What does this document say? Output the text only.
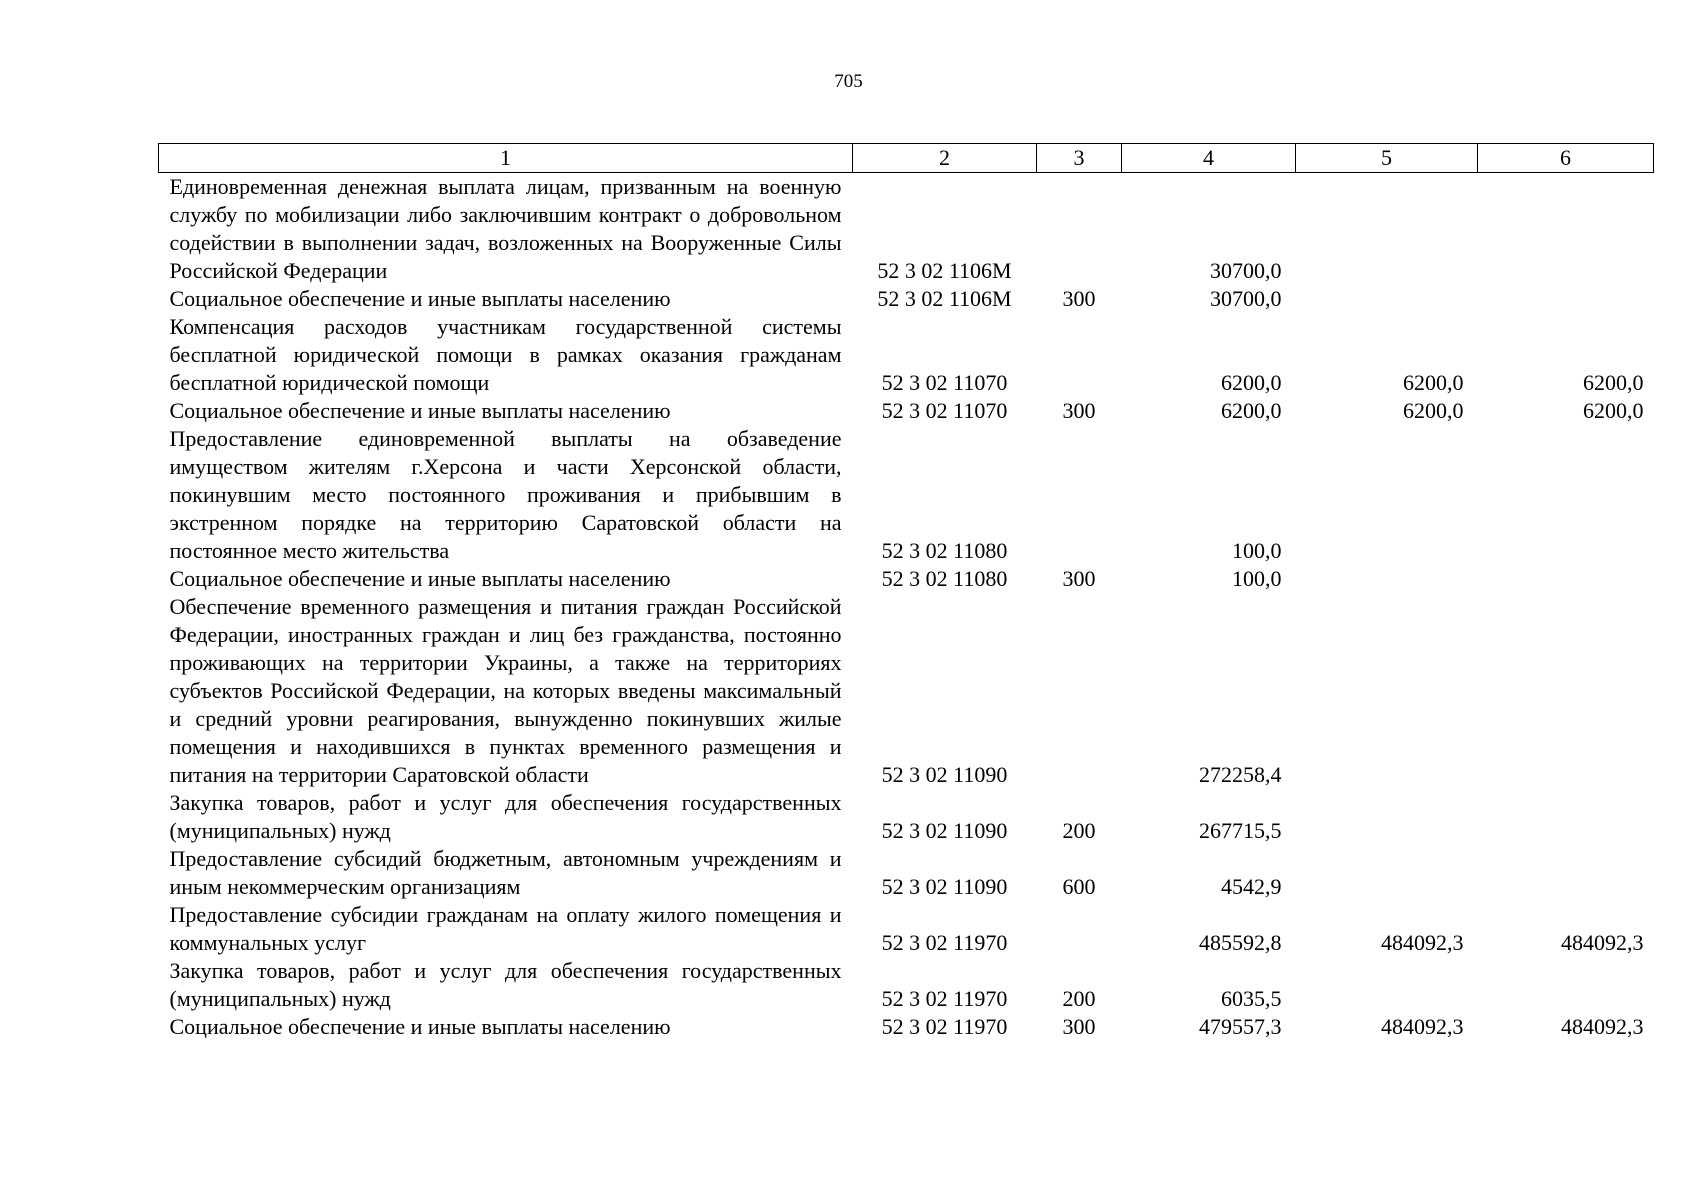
705
1	2	3	4	5	6
Единовременная денежная выплата лицам, призванным на военную службу по мобилизации либо заключившим контракт о добровольном содействии в выполнении задач, возложенных на Вооруженные Силы Российской Федерации	52 3 02 1106М		30700,0		
Социальное обеспечение и иные выплаты населению	52 3 02 1106М	300	30700,0		
Компенсация расходов участникам государственной системы бесплатной юридической помощи в рамках оказания гражданам бесплатной юридической помощи	52 3 02 11070		6200,0	6200,0	6200,0
Социальное обеспечение и иные выплаты населению	52 3 02 11070	300	6200,0	6200,0	6200,0
Предоставление единовременной выплаты на обзаведение имуществом жителям г.Херсона и части Херсонской области, покинувшим место постоянного проживания и прибывшим в экстренном порядке на территорию Саратовской области на постоянное место жительства	52 3 02 11080		100,0		
Социальное обеспечение и иные выплаты населению	52 3 02 11080	300	100,0		
Обеспечение временного размещения и питания граждан Российской Федерации, иностранных граждан и лиц без гражданства, постоянно проживающих на территории Украины, а также на территориях субъектов Российской Федерации, на которых введены максимальный и средний уровни реагирования, вынужденно покинувших жилые помещения и находившихся в пунктах временного размещения и питания на территории Саратовской области	52 3 02 11090		272258,4		
Закупка товаров, работ и услуг для обеспечения государственных (муниципальных) нужд	52 3 02 11090	200	267715,5		
Предоставление субсидий бюджетным, автономным учреждениям и иным некоммерческим организациям	52 3 02 11090	600	4542,9		
Предоставление субсидии гражданам на оплату жилого помещения и коммунальных услуг	52 3 02 11970		485592,8	484092,3	484092,3
Закупка товаров, работ и услуг для обеспечения государственных (муниципальных) нужд	52 3 02 11970	200	6035,5		
Социальное обеспечение и иные выплаты населению	52 3 02 11970	300	479557,3	484092,3	484092,3
